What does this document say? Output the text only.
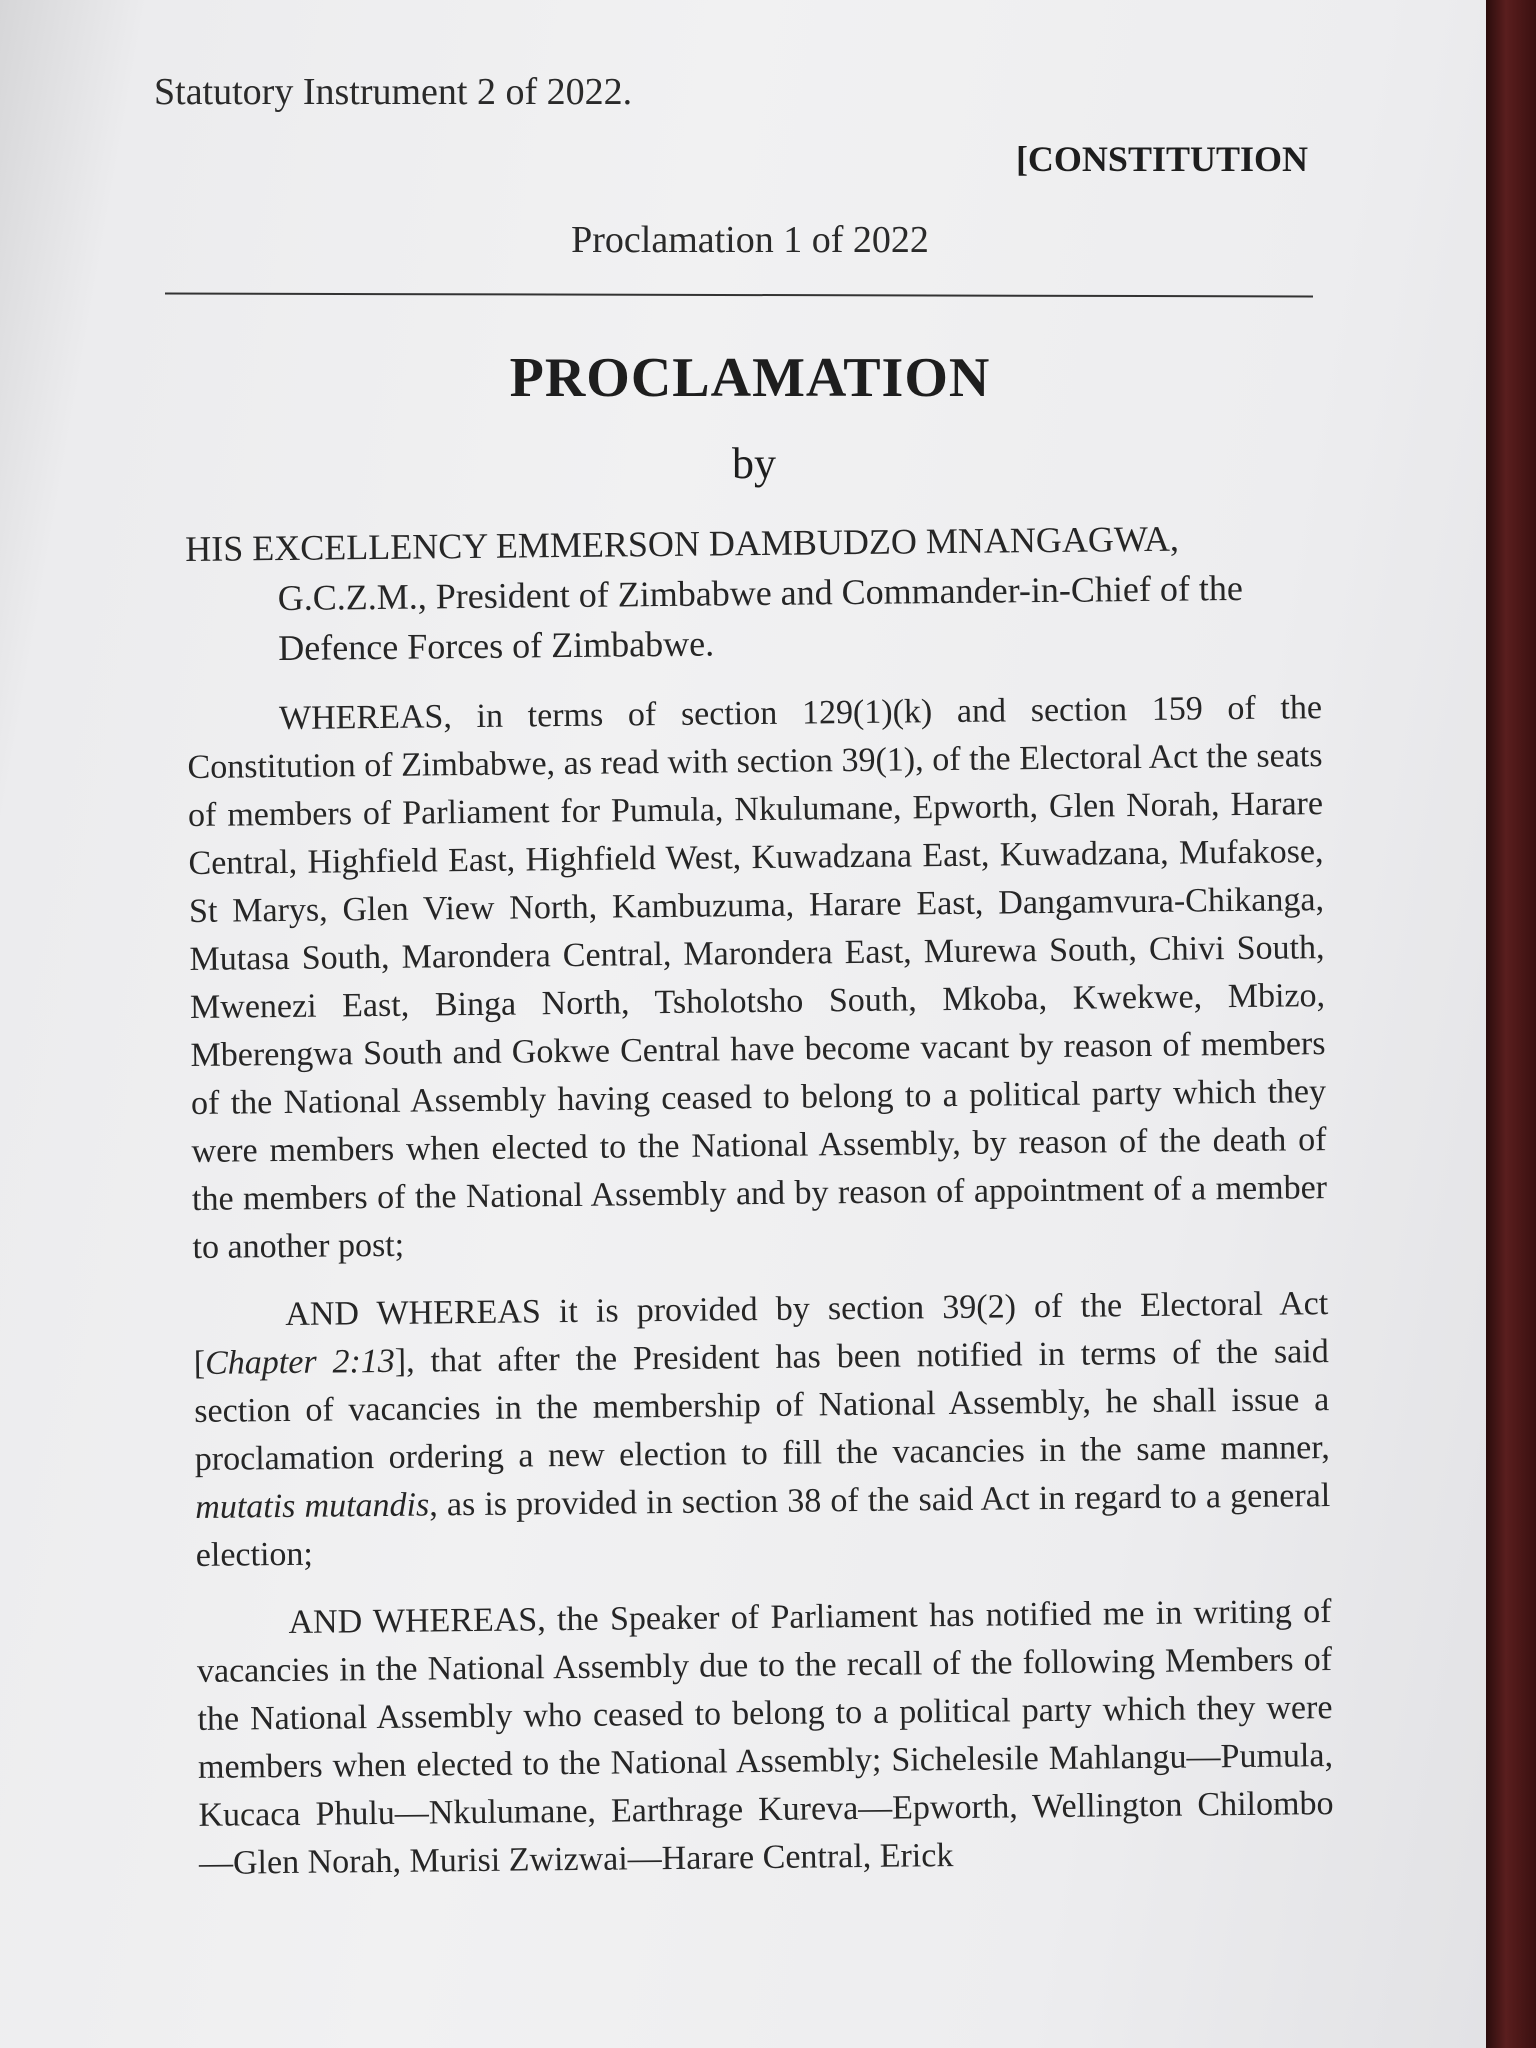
Statutory Instrument 2 of 2022.
[CONSTITUTION
Proclamation 1 of 2022
PROCLAMATION
by

HIS EXCELLENCY EMMERSON DAMBUDZO MNANGAGWA, G.C.Z.M., President of Zimbabwe and Commander-in-Chief of the Defence Forces of Zimbabwe.

WHEREAS, in terms of section 129(1)(k) and section 159 of the Constitution of Zimbabwe, as read with section 39(1), of the Electoral Act the seats of members of Parliament for Pumula, Nkulumane, Epworth, Glen Norah, Harare Central, Highfield East, Highfield West, Kuwadzana East, Kuwadzana, Mufakose, St Marys, Glen View North, Kambuzuma, Harare East, Dangamvura-Chikanga, Mutasa South, Marondera Central, Marondera East, Murewa South, Chivi South, Mwenezi East, Binga North, Tsholotsho South, Mkoba, Kwekwe, Mbizo, Mberengwa South and Gokwe Central have become vacant by reason of members of the National Assembly having ceased to belong to a political party which they were members when elected to the National Assembly, by reason of the death of the members of the National Assembly and by reason of appointment of a member to another post;

AND WHEREAS it is provided by section 39(2) of the Electoral Act [Chapter 2:13], that after the President has been notified in terms of the said section of vacancies in the membership of National Assembly, he shall issue a proclamation ordering a new election to fill the vacancies in the same manner, mutatis mutandis, as is provided in section 38 of the said Act in regard to a general election;

AND WHEREAS, the Speaker of Parliament has notified me in writing of vacancies in the National Assembly due to the recall of the following Members of the National Assembly who ceased to belong to a political party which they were members when elected to the National Assembly; Sichelesile Mahlangu—Pumula, Kucaca Phulu—Nkulumane, Earthrage Kureva—Epworth, Wellington Chilombo—Glen Norah, Murisi Zwizwai—Harare Central, Erick
